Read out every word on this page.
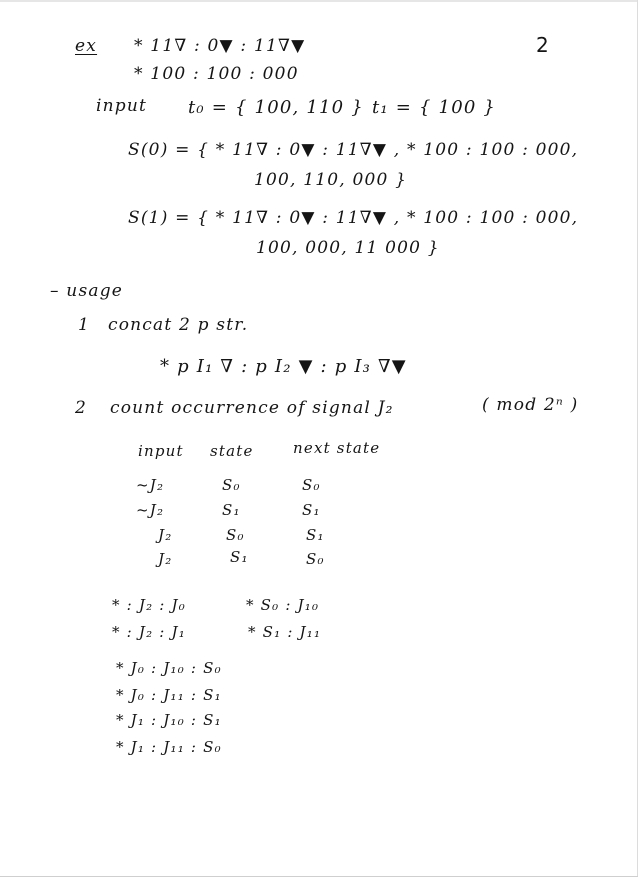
2
ex * 11∇ : 0▼ : 11∇▼
* 100 : 100 : 000
input t₀ = { 100, 110 } t₁ = { 100 }
S(0) = { * 11∇ : 0▼ : 11∇▼ , * 100 : 100 : 000,
100, 110, 000 }
S(1) = { * 11∇ : 0▼ : 11∇▼ , * 100 : 100 : 000,
100, 000, 11 000 }
– usage
1 concat 2 p str.
* p I₁ ∇ : p I₂ ▼ : p I₃ ∇▼
2 count occurrence of signal J₂	( mod 2ⁿ )
input state	next state
~J₂	S₀	S₀
~J₂	S₁	S₁
J₂	S₀	S₁
J₂	S₁	S₀
* : J₂ : J₀	* S₀ : J₁₀
* : J₂ : J₁	* S₁ : J₁₁
* J₀ : J₁₀ : S₀
* J₀ : J₁₁ : S₁
* J₁ : J₁₀ : S₁
* J₁ : J₁₁ : S₀
